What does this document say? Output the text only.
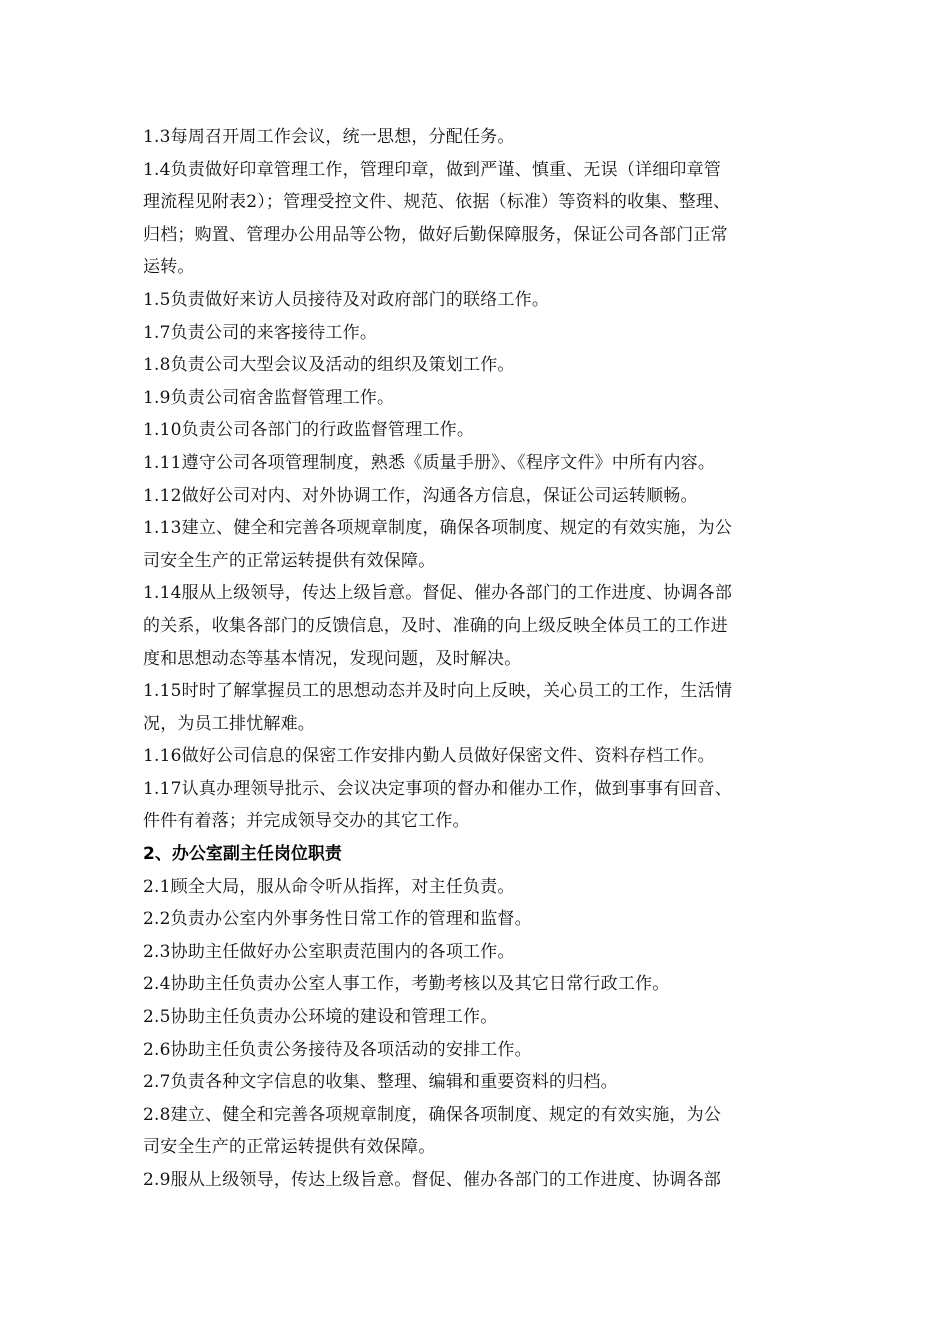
1.3每周召开周工作会议，统一思想，分配任务。
1.4负责做好印章管理工作，管理印章，做到严谨、慎重、无误（详细印章管
理流程见附表2）；管理受控文件、规范、依据（标准）等资料的收集、整理、
归档；购置、管理办公用品等公物，做好后勤保障服务，保证公司各部门正常
运转。
1.5负责做好来访人员接待及对政府部门的联络工作。
1.7负责公司的来客接待工作。
1.8负责公司大型会议及活动的组织及策划工作。
1.9负责公司宿舍监督管理工作。
1.10负责公司各部门的行政监督管理工作。
1.11遵守公司各项管理制度，熟悉《质量手册》、《程序文件》中所有内容。
1.12做好公司对内、对外协调工作，沟通各方信息，保证公司运转顺畅。
1.13建立、健全和完善各项规章制度，确保各项制度、规定的有效实施，为公
司安全生产的正常运转提供有效保障。
1.14服从上级领导，传达上级旨意。督促、催办各部门的工作进度、协调各部
的关系，收集各部门的反馈信息，及时、准确的向上级反映全体员工的工作进
度和思想动态等基本情况，发现问题，及时解决。
1.15时时了解掌握员工的思想动态并及时向上反映，关心员工的工作，生活情
况，为员工排忧解难。
1.16做好公司信息的保密工作安排内勤人员做好保密文件、资料存档工作。
1.17认真办理领导批示、会议决定事项的督办和催办工作，做到事事有回音、
件件有着落；并完成领导交办的其它工作。
2、办公室副主任岗位职责
2.1顾全大局，服从命令听从指挥，对主任负责。
2.2负责办公室内外事务性日常工作的管理和监督。
2.3协助主任做好办公室职责范围内的各项工作。
2.4协助主任负责办公室人事工作，考勤考核以及其它日常行政工作。
2.5协助主任负责办公环境的建设和管理工作。
2.6协助主任负责公务接待及各项活动的安排工作。
2.7负责各种文字信息的收集、整理、编辑和重要资料的归档。
2.8建立、健全和完善各项规章制度，确保各项制度、规定的有效实施，为公
司安全生产的正常运转提供有效保障。
2.9服从上级领导，传达上级旨意。督促、催办各部门的工作进度、协调各部
